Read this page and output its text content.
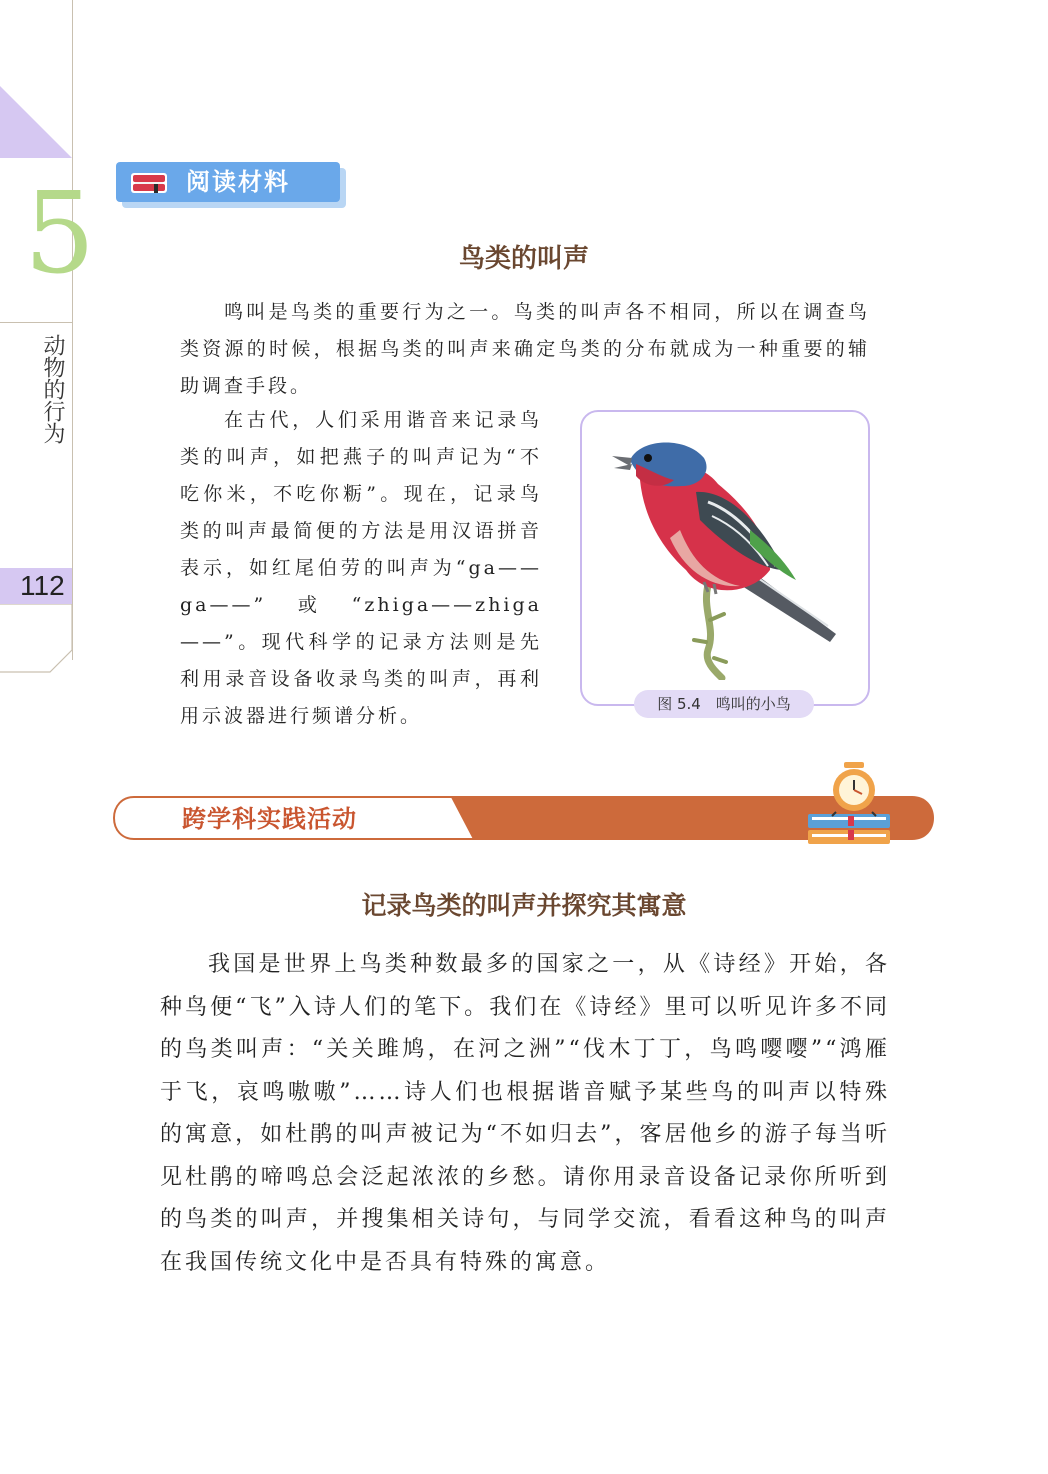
5
动物的行为
112
阅读材料
鸟类的叫声
鸣叫是鸟类的重要行为之一。鸟类的叫声各不相同，所以在调查鸟类资源的时候，根据鸟类的叫声来确定鸟类的分布就成为一种重要的辅助调查手段。
在古代，人们采用谐音来记录鸟类的叫声，如把燕子的叫声记为“不吃你米，不吃你粝”。现在，记录鸟类的叫声最简便的方法是用汉语拼音表示，如红尾伯劳的叫声为“ga——ga——”或“zhiga——zhiga——”。现代科学的记录方法则是先利用录音设备收录鸟类的叫声，再利用示波器进行频谱分析。
图 5.4　鸣叫的小鸟
跨学科实践活动
记录鸟类的叫声并探究其寓意
我国是世界上鸟类种数最多的国家之一，从《诗经》开始，各种鸟便“飞”入诗人们的笔下。我们在《诗经》里可以听见许多不同的鸟类叫声：“关关雎鸠，在河之洲”“伐木丁丁，鸟鸣嘤嘤”“鸿雁于飞，哀鸣嗷嗷”……诗人们也根据谐音赋予某些鸟的叫声以特殊的寓意，如杜鹃的叫声被记为“不如归去”，客居他乡的游子每当听见杜鹃的啼鸣总会泛起浓浓的乡愁。请你用录音设备记录你所听到的鸟类的叫声，并搜集相关诗句，与同学交流，看看这种鸟的叫声在我国传统文化中是否具有特殊的寓意。
